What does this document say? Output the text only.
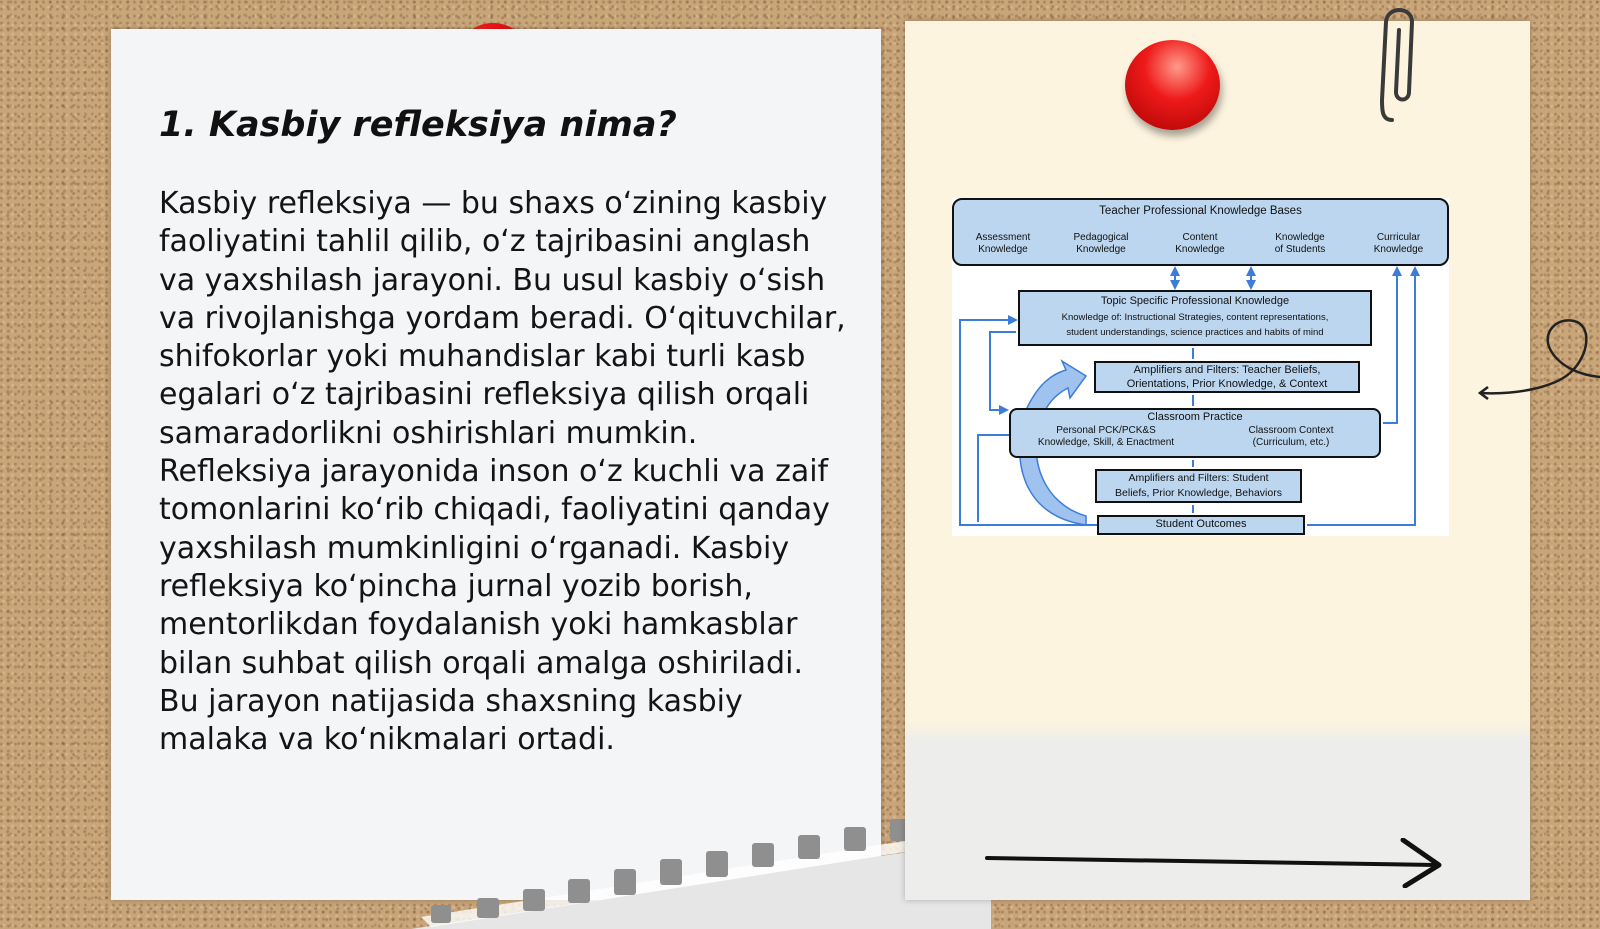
1. Kasbiy refleksiya nima?

Kasbiy refleksiya — bu shaxs oʻzining kasbiy faoliyatini tahlil qilib, oʻz tajribasini anglash va yaxshilash jarayoni. Bu usul kasbiy oʻsish va rivojlanishga yordam beradi. Oʻqituvchilar, shifokorlar yoki muhandislar kabi turli kasb egalari oʻz tajribasini refleksiya qilish orqali samaradorlikni oshirishlari mumkin. Refleksiya jarayonida inson oʻz kuchli va zaif tomonlarini koʻrib chiqadi, faoliyatini qanday yaxshilash mumkinligini oʻrganadi. Kasbiy refleksiya koʻpincha jurnal yozib borish, mentorlikdan foydalanish yoki hamkasblar bilan suhbat qilish orqali amalga oshiriladi. Bu jarayon natijasida shaxsning kasbiy malaka va koʻnikmalari ortadi.

Teacher Professional Knowledge Bases
Assessment
Knowledge
Pedagogical
Knowledge
Content
Knowledge
Knowledge
of Students
Curricular
Knowledge
Topic Specific Professional Knowledge
Knowledge of: Instructional Strategies, content representations,
student understandings, science practices and habits of mind
Amplifiers and Filters: Teacher Beliefs,
Orientations, Prior Knowledge, & Context
Classroom Practice
Personal PCK/PCK&S
Knowledge, Skill, & Enactment
Classroom Context
(Curriculum, etc.)
Amplifiers and Filters: Student
Beliefs, Prior Knowledge, Behaviors
Student Outcomes
